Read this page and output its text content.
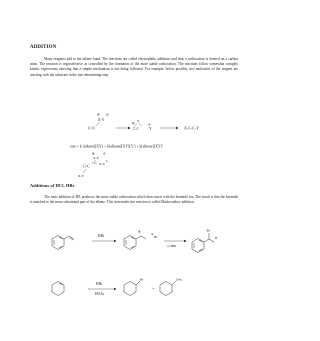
ADDITION

Many reagents add to the alkene bond. The reactions are called electrophilic additions and thus a carbocation is formed on a carbon atom. The reaction is regioselective as controlled by the formation of the more stable carbocation. The reactions follow somewhat complex kinetic expressions showing that a simple mechanism is not being followed. For example, below possibly two molecules of the reagent are reacting with the substrate in the rate determining step.

C=C
X-Y
⊕ ⊖
X
⊕
C-C
⊖
Y	X-C-C-Y
rate = k [alkene][XY] + k[alkene][XY][Y-] + k[alkene][XY]$^2$
⊕	⊖
X-Y
C=C
δ+ X-Y
δ-
X-Y
Additions of HCl, HBr

The ionic addition of HX produces the more stable carbocation which then reacts with the bromide ion. The result is that the bromide is attached to the more substituted part of the alkene. This stereoselective reaction is called Markovnikov addition.

HBr
⊕
⊖
Br
or HBr
Br
H
HBr
HOAc
Br
+
OAc
